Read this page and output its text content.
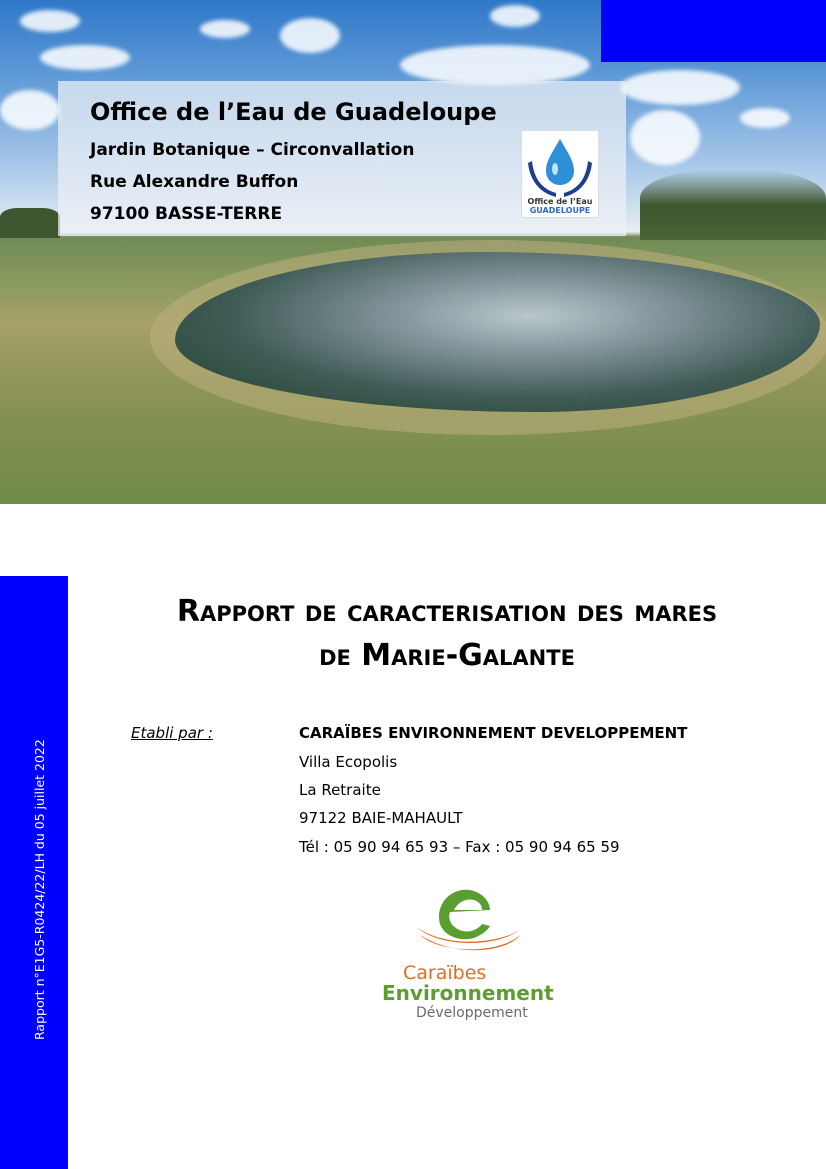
Office de l’Eau de Guadeloupe
Jardin Botanique – Circonvallation
Rue Alexandre Buffon
97100 BASSE-TERRE
Office de l’Eau
GUADELOUPE
Rapport n°E1G5-R0424/22/LH du 05 juillet 2022
Rapport de caracterisation des mares
de Marie-Galante
Etabli par :	CARAÏBES ENVIRONNEMENT DEVELOPPEMENT
Villa Ecopolis
La Retraite
97122 BAIE-MAHAULT
Tél : 05 90 94 65 93 – Fax : 05 90 94 65 59
Caraïbes
Environnement
Développement
